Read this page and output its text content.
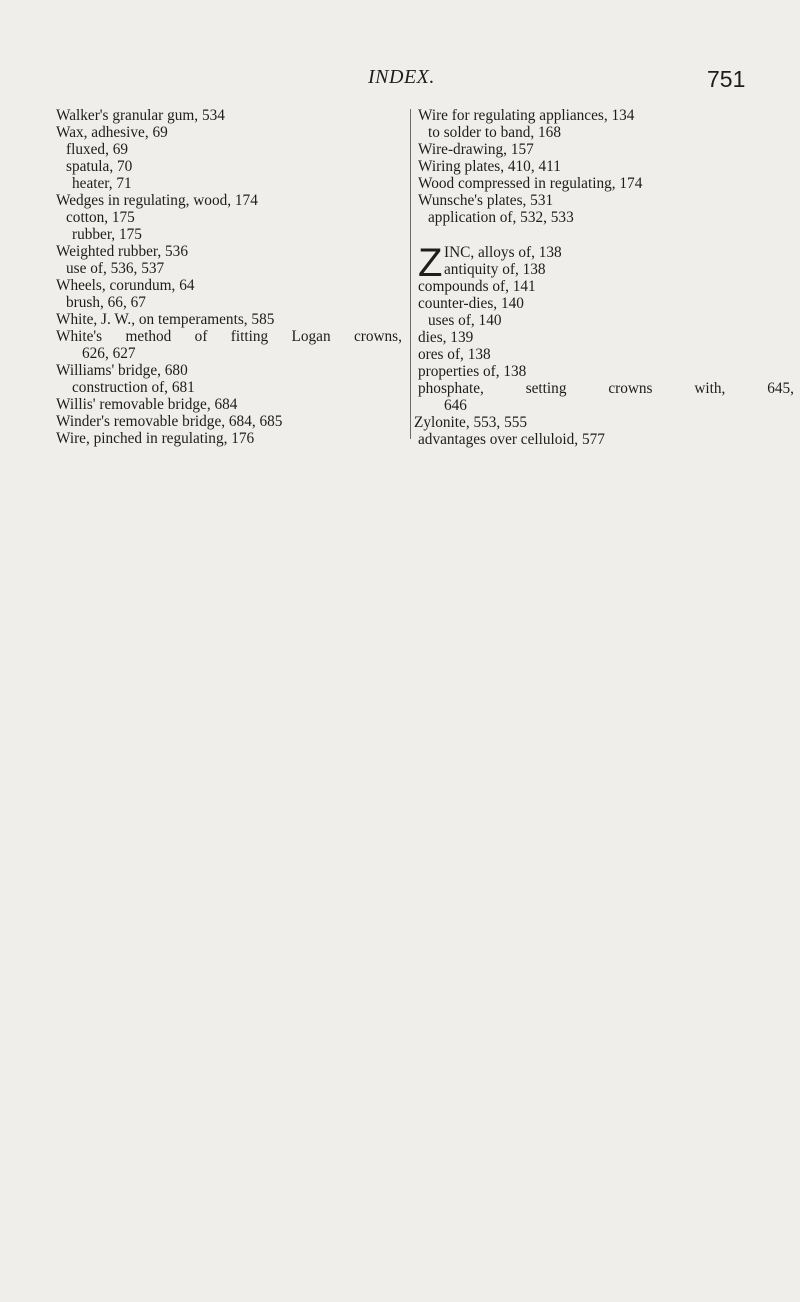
INDEX.	751

Walker's granular gum, 534

Wax, adhesive, 69

fluxed, 69

spatula, 70

heater, 71

Wedges in regulating, wood, 174

cotton, 175

rubber, 175

Weighted rubber, 536

use of, 536, 537

Wheels, corundum, 64

brush, 66, 67

White, J. W., on temperaments, 585

White's method of fitting Logan crowns,

626, 627

Williams' bridge, 680

construction of, 681

Willis' removable bridge, 684

Winder's removable bridge, 684, 685

Wire, pinched in regulating, 176

Wire for regulating appliances, 134

to solder to band, 168

Wire-drawing, 157

Wiring plates, 410, 411

Wood compressed in regulating, 174

Wunsche's plates, 531

application of, 532, 533

Z INC, alloys of, 138
antiquity of, 138

compounds of, 141

counter-dies, 140

uses of, 140

dies, 139

ores of, 138

properties of, 138

phosphate,	setting	crowns	with,	645,

646

Zylonite, 553, 555

advantages over celluloid, 577
